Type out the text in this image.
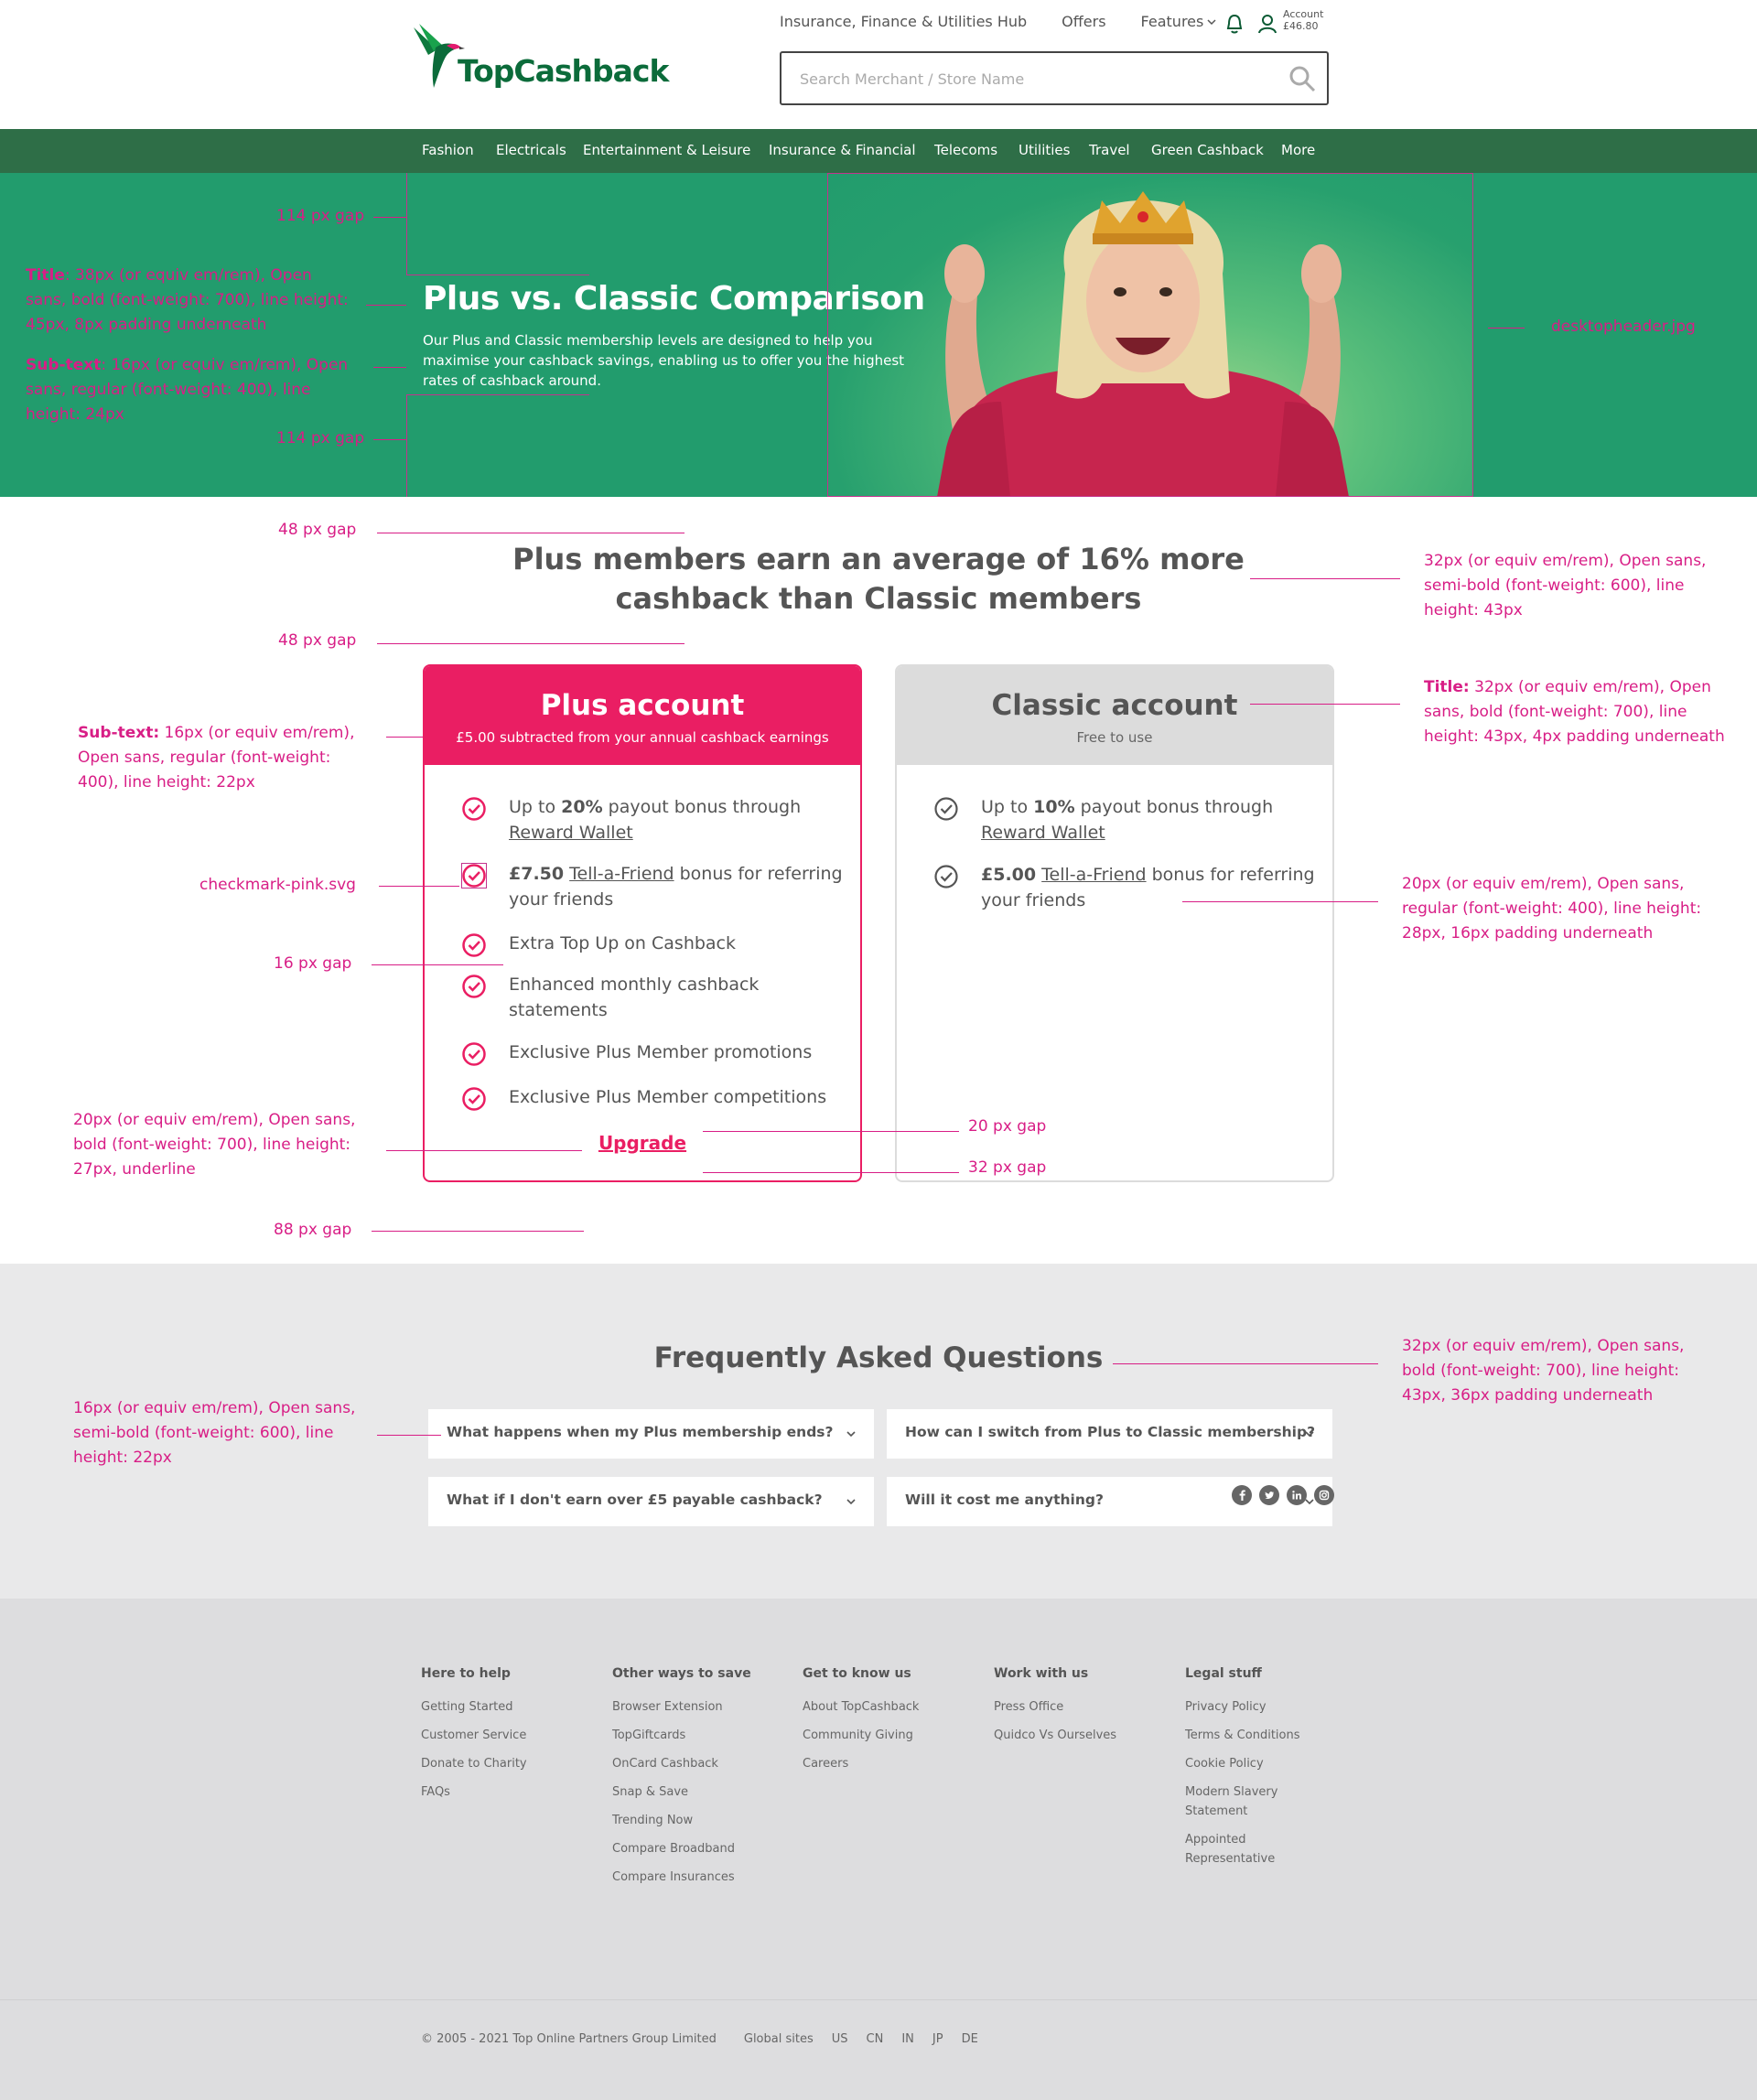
TopCashback
Insurance, Finance & Utilities Hub Offers Features	Account
£46.80
Search Merchant / Store Name
Fashion Electricals Entertainment & Leisure Insurance & Financial Telecoms Utilities Travel Green Cashback More
Plus vs. Classic Comparison
Our Plus and Classic membership levels are designed to help you maximise your cashback savings, enabling us to offer you the highest rates of cashback around.
114 px gap
Title: 38px (or equiv em/rem), Open sans, bold (font-weight: 700), line height: 45px, 8px padding underneath
Sub-text: 16px (or equiv em/rem), Open sans, regular (font-weight: 400), line height: 24px
114 px gap
desktopheader.jpg
Plus members earn an average of 16% more cashback than Classic members
48 px gap
32px (or equiv em/rem), Open sans, semi-bold (font-weight: 600), line height: 43px
48 px gap
Plus account
£5.00 subtracted from your annual cashback earnings
Up to 20% payout bonus through Reward Wallet
£7.50 Tell-a-Friend bonus for referring your friends
Extra Top Up on Cashback
Enhanced monthly cashback statements
Exclusive Plus Member promotions
Exclusive Plus Member competitions
Upgrade
Classic account
Free to use
Up to 10% payout bonus through Reward Wallet
£5.00 Tell-a-Friend bonus for referring your friends
Title: 32px (or equiv em/rem), Open sans, bold (font-weight: 700), line height: 43px, 4px padding underneath
Sub-text: 16px (or equiv em/rem), Open sans, regular (font-weight: 400), line height: 22px
checkmark-pink.svg	20px (or equiv em/rem), Open sans, regular (font-weight: 400), line height: 28px, 16px padding underneath
16 px gap
20px (or equiv em/rem), Open sans, bold (font-weight: 700), line height: 27px, underline
20 px gap
32 px gap
88 px gap
Frequently Asked Questions
What happens when my Plus membership ends?	How can I switch from Plus to Classic membership?
What if I don't earn over £5 payable cashback?	Will it cost me anything?
32px (or equiv em/rem), Open sans, bold (font-weight: 700), line height: 43px, 36px padding underneath
16px (or equiv em/rem), Open sans, semi-bold (font-weight: 600), line height: 22px
Here to help
Getting Started
Customer Service
Donate to Charity
FAQs
Other ways to save
Browser Extension
TopGiftcards
OnCard Cashback
Snap & Save
Trending Now
Compare Broadband
Compare Insurances
Get to know us
About TopCashback
Community Giving
Careers
Work with us
Press Office
Quidco Vs Ourselves
Legal stuff
Privacy Policy
Terms & Conditions
Cookie Policy
Modern Slavery Statement
Appointed Representative
© 2005 - 2021 Top Online Partners Group Limited Global sites US CN IN JP DE
